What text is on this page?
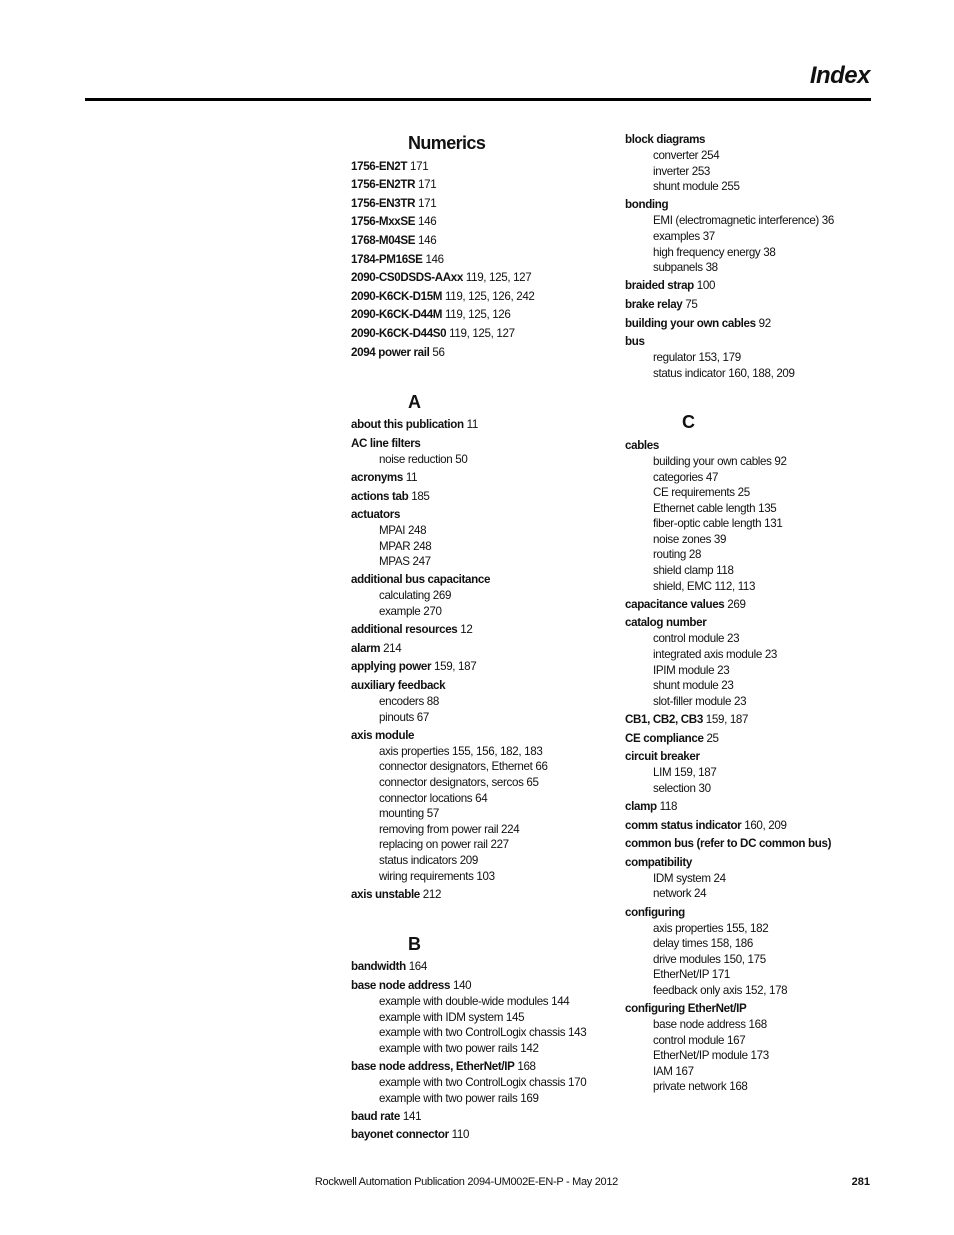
Index
Numerics
1756-EN2T 171
1756-EN2TR 171
1756-EN3TR 171
1756-MxxSE 146
1768-M04SE 146
1784-PM16SE 146
2090-CS0DSDS-AAxx 119, 125, 127
2090-K6CK-D15M 119, 125, 126, 242
2090-K6CK-D44M 119, 125, 126
2090-K6CK-D44S0 119, 125, 127
2094 power rail 56
A
about this publication 11
AC line filters
noise reduction 50
acronyms 11
actions tab 185
actuators
MPAI 248
MPAR 248
MPAS 247
additional bus capacitance
calculating 269
example 270
additional resources 12
alarm 214
applying power 159, 187
auxiliary feedback
encoders 88
pinouts 67
axis module
axis properties 155, 156, 182, 183
connector designators, Ethernet 66
connector designators, sercos 65
connector locations 64
mounting 57
removing from power rail 224
replacing on power rail 227
status indicators 209
wiring requirements 103
axis unstable 212
B
bandwidth 164
base node address 140
example with double-wide modules 144
example with IDM system 145
example with two ControlLogix chassis 143
example with two power rails 142
base node address, EtherNet/IP 168
example with two ControlLogix chassis 170
example with two power rails 169
baud rate 141
bayonet connector 110
block diagrams
converter 254
inverter 253
shunt module 255
bonding
EMI (electromagnetic interference) 36
examples 37
high frequency energy 38
subpanels 38
braided strap 100
brake relay 75
building your own cables 92
bus
regulator 153, 179
status indicator 160, 188, 209
C
cables
building your own cables 92
categories 47
CE requirements 25
Ethernet cable length 135
fiber-optic cable length 131
noise zones 39
routing 28
shield clamp 118
shield, EMC 112, 113
capacitance values 269
catalog number
control module 23
integrated axis module 23
IPIM module 23
shunt module 23
slot-filler module 23
CB1, CB2, CB3 159, 187
CE compliance 25
circuit breaker
LIM 159, 187
selection 30
clamp 118
comm status indicator 160, 209
common bus (refer to DC common bus)
compatibility
IDM system 24
network 24
configuring
axis properties 155, 182
delay times 158, 186
drive modules 150, 175
EtherNet/IP 171
feedback only axis 152, 178
configuring EtherNet/IP
base node address 168
control module 167
EtherNet/IP module 173
IAM 167
private network 168
Rockwell Automation Publication 2094-UM002E-EN-P - May 2012	281
